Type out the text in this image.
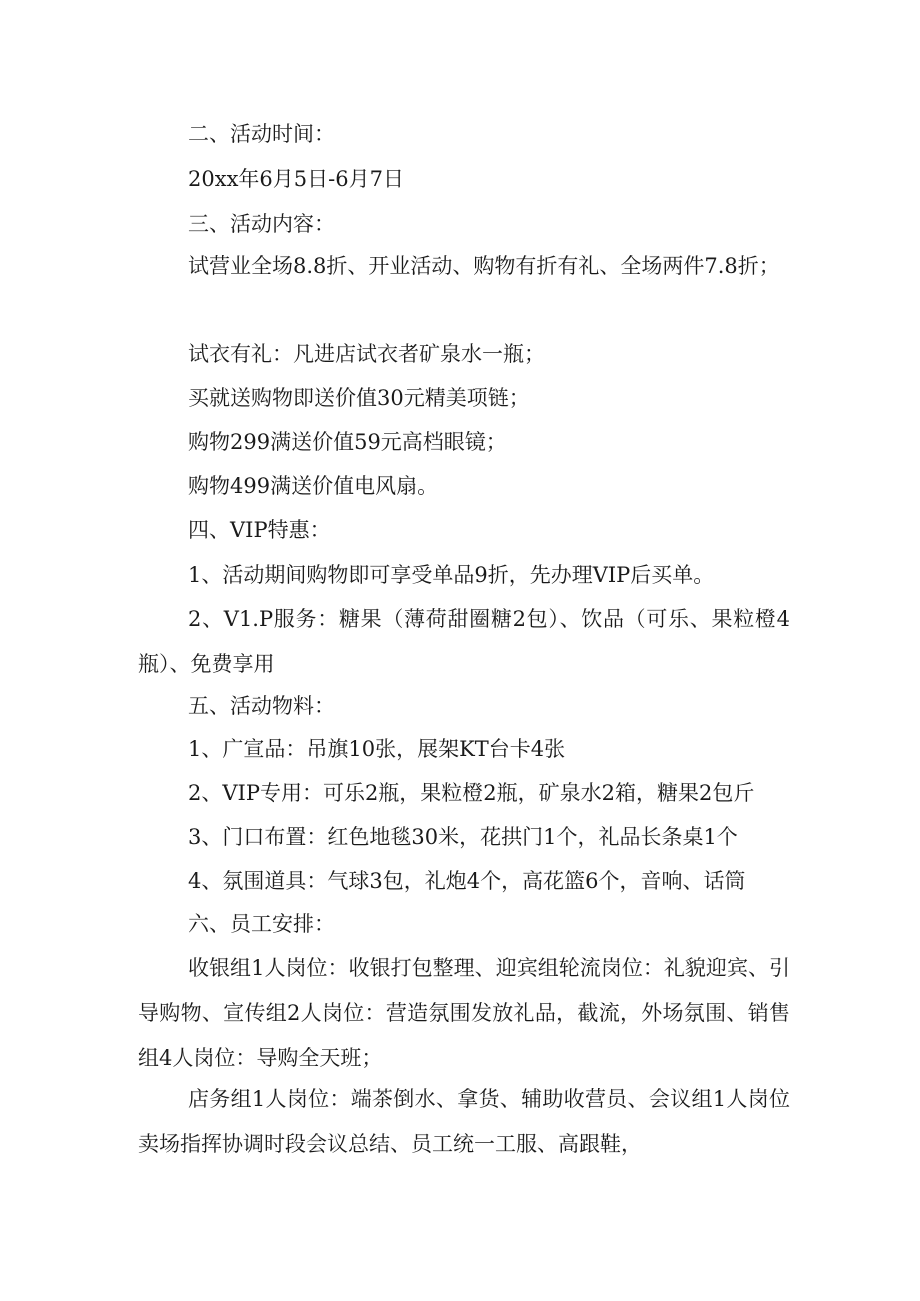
二、活动时间：

20xx年6月5日-6月7日

三、活动内容：

试营业全场8.8折、开业活动、购物有折有礼、全场两件7.8折；

试衣有礼：凡进店试衣者矿泉水一瓶；

买就送购物即送价值30元精美项链；

购物299满送价值59元高档眼镜；

购物499满送价值电风扇。

四、VIP特惠：

1、活动期间购物即可享受单品9折，先办理VIP后买单。

2、V1.P服务：糖果（薄荷甜圈糖2包）、饮品（可乐、果粒橙4瓶）、免费享用

五、活动物料：

1、广宣品：吊旗10张，展架KT台卡4张

2、VIP专用：可乐2瓶，果粒橙2瓶，矿泉水2箱，糖果2包斤

3、门口布置：红色地毯30米，花拱门1个，礼品长条桌1个

4、氛围道具：气球3包，礼炮4个，高花篮6个，音响、话筒

六、员工安排：

收银组1人岗位：收银打包整理、迎宾组轮流岗位：礼貌迎宾、引导购物、宣传组2人岗位：营造氛围发放礼品，截流，外场氛围、销售组4人岗位：导购全天班；

店务组1人岗位：端茶倒水、拿货、辅助收营员、会议组1人岗位卖场指挥协调时段会议总结、员工统一工服、高跟鞋，
